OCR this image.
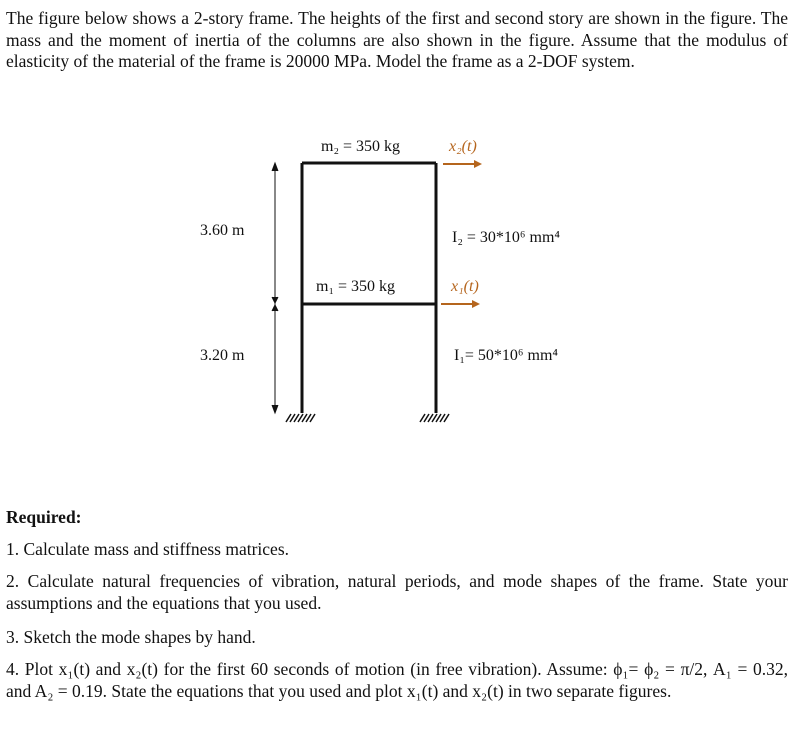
The figure below shows a 2-story frame. The heights of the first and second story are shown in the figure. The mass and the moment of inertia of the columns are also shown in the figure. Assume that the modulus of elasticity of the material of the frame is 20000 MPa. Model the frame as a 2-DOF system.

m₂ = 350 kg	x₂(t)
3.60 m	I₂ = 30*10⁶ mm⁴
m₁ = 350 kg	x₁(t)
3.20 m	I₁= 50*10⁶ mm⁴

Required:

1. Calculate mass and stiffness matrices.

2. Calculate natural frequencies of vibration, natural periods, and mode shapes of the frame. State your assumptions and the equations that you used.

3. Sketch the mode shapes by hand.

4. Plot x₁(t) and x₂(t) for the first 60 seconds of motion (in free vibration). Assume: ϕ₁= ϕ₂ = π/2, A₁ = 0.32, and A₂ = 0.19. State the equations that you used and plot x₁(t) and x₂(t) in two separate figures.
